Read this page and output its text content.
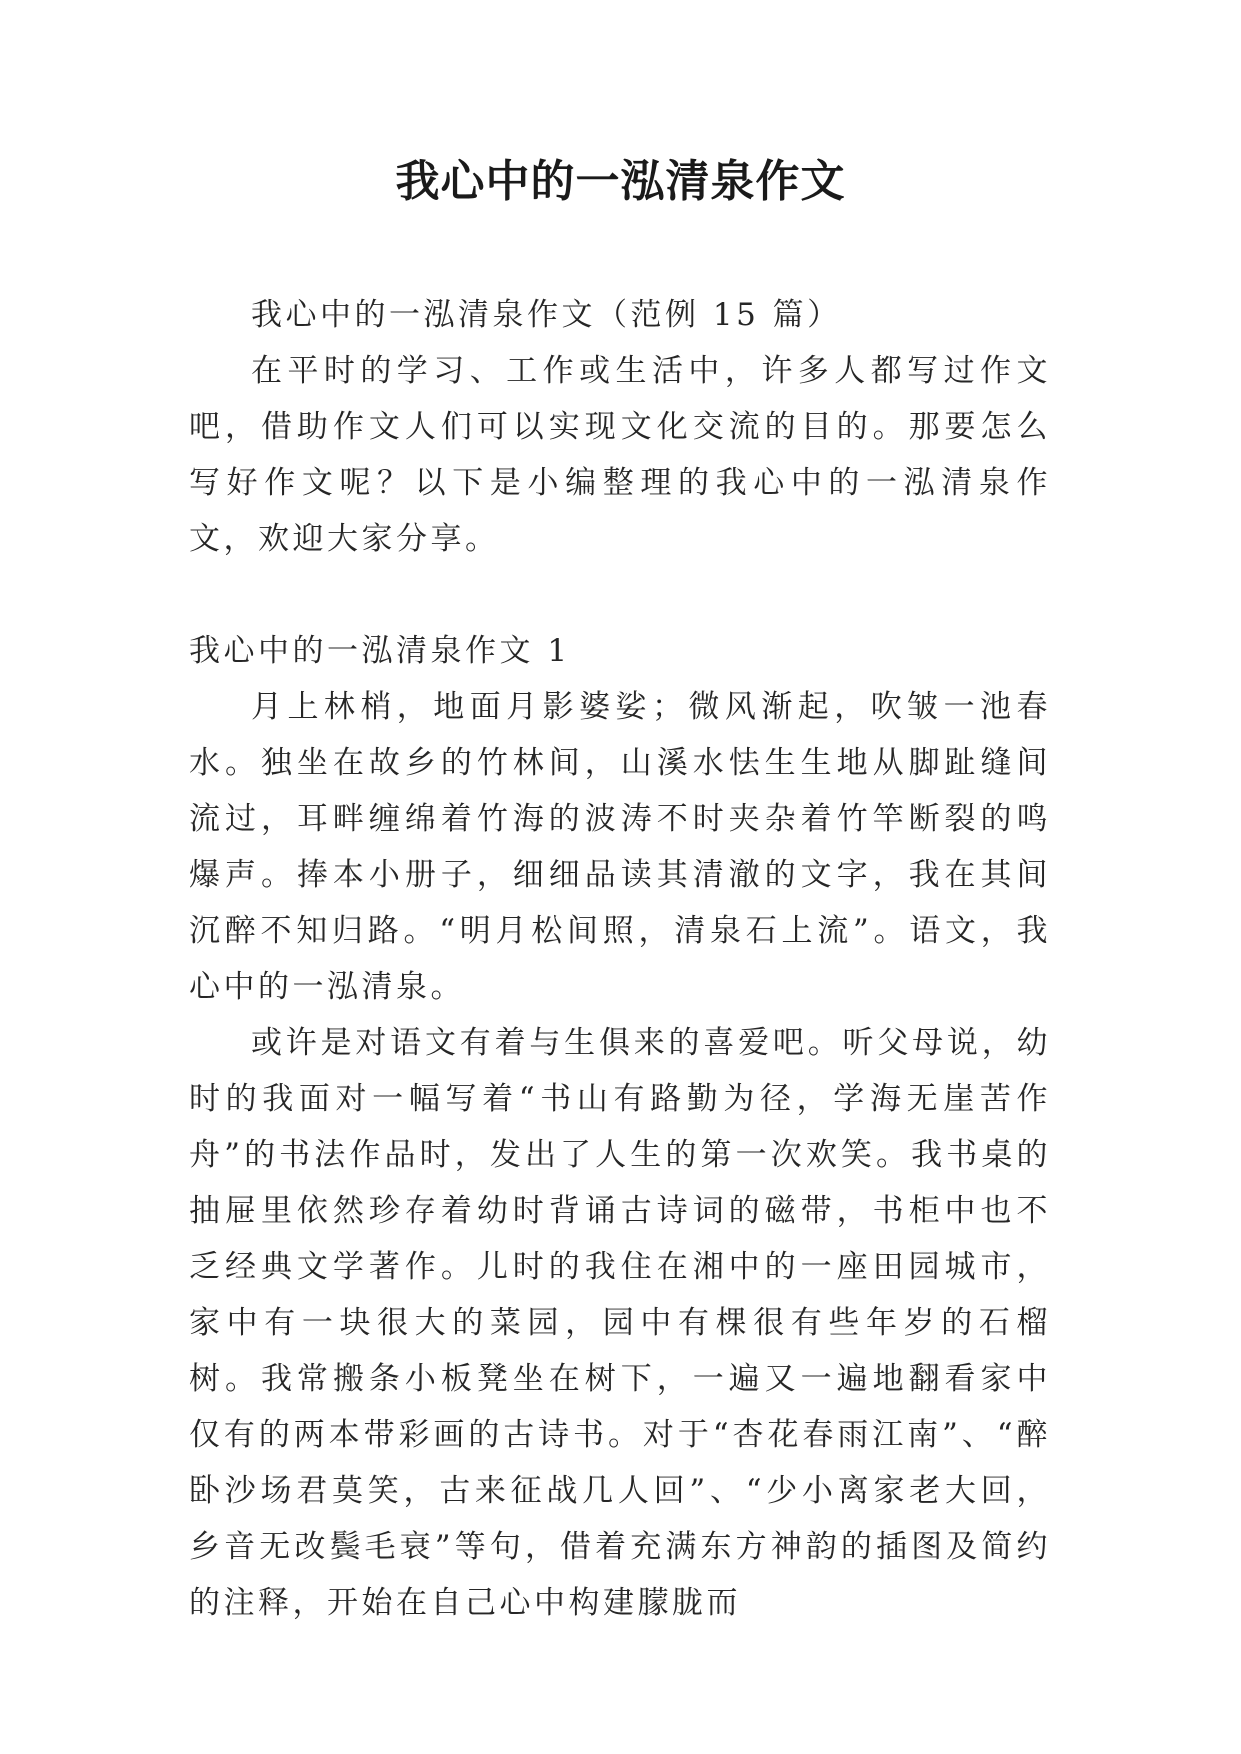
我心中的一泓清泉作文

我心中的一泓清泉作文（范例 15 篇）

在平时的学习、工作或生活中，许多人都写过作文吧，借助作文人们可以实现文化交流的目的。那要怎么写好作文呢？以下是小编整理的我心中的一泓清泉作文，欢迎大家分享。

我心中的一泓清泉作文 1

月上林梢，地面月影婆娑；微风渐起，吹皱一池春水。独坐在故乡的竹林间，山溪水怯生生地从脚趾缝间流过，耳畔缠绵着竹海的波涛不时夹杂着竹竿断裂的鸣爆声。捧本小册子，细细品读其清澈的文字，我在其间沉醉不知归路。“明月松间照，清泉石上流”。语文，我心中的一泓清泉。

或许是对语文有着与生俱来的喜爱吧。听父母说，幼时的我面对一幅写着“书山有路勤为径，学海无崖苦作舟”的书法作品时，发出了人生的第一次欢笑。我书桌的抽屉里依然珍存着幼时背诵古诗词的磁带，书柜中也不乏经典文学著作。儿时的我住在湘中的一座田园城市，家中有一块很大的菜园，园中有棵很有些年岁的石榴树。我常搬条小板凳坐在树下，一遍又一遍地翻看家中仅有的两本带彩画的古诗书。对于“杏花春雨江南”、“醉卧沙场君莫笑，古来征战几人回”、“少小离家老大回，乡音无改鬓毛衰”等句，借着充满东方神韵的插图及简约的注释，开始在自己心中构建朦胧而
